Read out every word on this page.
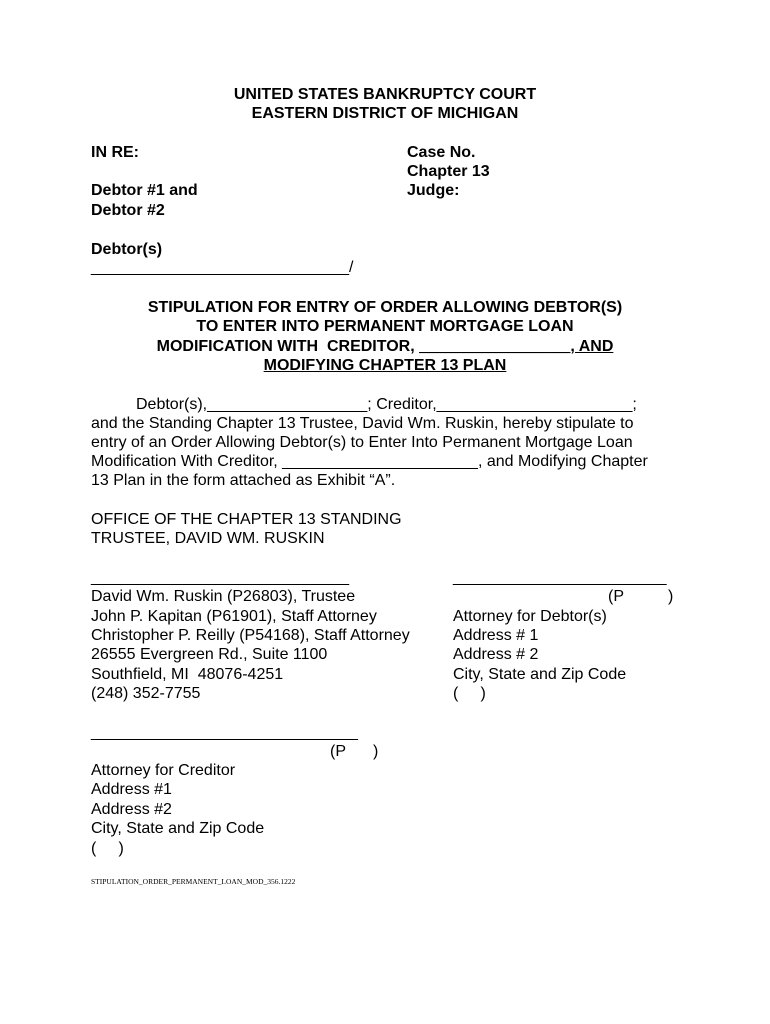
UNITED STATES BANKRUPTCY COURT
EASTERN DISTRICT OF MICHIGAN
IN RE:
Debtor #1 and
Debtor #2
Debtor(s)
_____________________________/
Case No.
Chapter 13
Judge:
STIPULATION FOR ENTRY OF ORDER ALLOWING DEBTOR(S)
TO ENTER INTO PERMANENT MORTGAGE LOAN
MODIFICATION WITH  CREDITOR, _________________, AND
MODIFYING CHAPTER 13 PLAN
Debtor(s),__________________; Creditor,______________________;
and the Standing Chapter 13 Trustee, David Wm. Ruskin, hereby stipulate to
entry of an Order Allowing Debtor(s) to Enter Into Permanent Mortgage Loan
Modification With Creditor, ______________________, and Modifying Chapter
13 Plan in the form attached as Exhibit “A”.
OFFICE OF THE CHAPTER 13 STANDING
TRUSTEE, DAVID WM. RUSKIN
_____________________________
David Wm. Ruskin (P26803), Trustee
John P. Kapitan (P61901), Staff Attorney
Christopher P. Reilly (P54168), Staff Attorney
26555 Evergreen Rd., Suite 1100
Southfield, MI  48076-4251
(248) 352-7755
________________________
(P	)
Attorney for Debtor(s)
Address # 1
Address # 2
City, State and Zip Code
(     )
______________________________
(P )
Attorney for Creditor
Address #1
Address #2
City, State and Zip Code
(     )
STIPULATION_ORDER_PERMANENT_LOAN_MOD_356.1222
